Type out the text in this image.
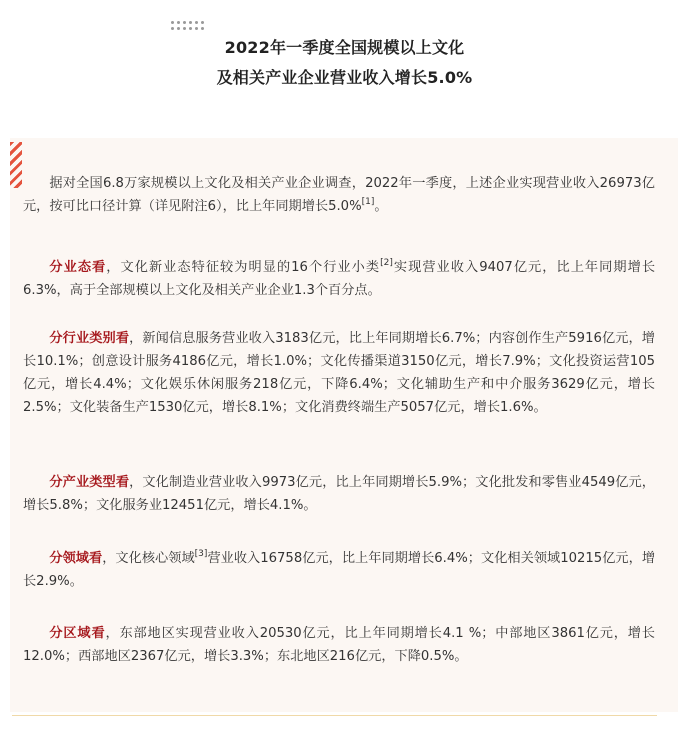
2022年一季度全国规模以上文化
及相关产业企业营业收入增长5.0%
据对全国6.8万家规模以上文化及相关产业企业调查，2022年一季度，上述企业实现营业收入26973亿元，按可比口径计算（详见附注6），比上年同期增长5.0%[1]。
分业态看，文化新业态特征较为明显的16个行业小类[2]实现营业收入9407亿元，比上年同期增长6.3%，高于全部规模以上文化及相关产业企业1.3个百分点。
分行业类别看，新闻信息服务营业收入3183亿元，比上年同期增长6.7%；内容创作生产5916亿元，增长10.1%；创意设计服务4186亿元，增长1.0%；文化传播渠道3150亿元，增长7.9%；文化投资运营105亿元，增长4.4%；文化娱乐休闲服务218亿元，下降6.4%；文化辅助生产和中介服务3629亿元，增长2.5%；文化装备生产1530亿元，增长8.1%；文化消费终端生产5057亿元，增长1.6%。
分产业类型看，文化制造业营业收入9973亿元，比上年同期增长5.9%；文化批发和零售业4549亿元，增长5.8%；文化服务业12451亿元，增长4.1%。
分领域看，文化核心领域[3]营业收入16758亿元，比上年同期增长6.4%；文化相关领域10215亿元，增长2.9%。
分区域看，东部地区实现营业收入20530亿元，比上年同期增长4.1 %；中部地区3861亿元，增长12.0%；西部地区2367亿元，增长3.3%；东北地区216亿元，下降0.5%。
